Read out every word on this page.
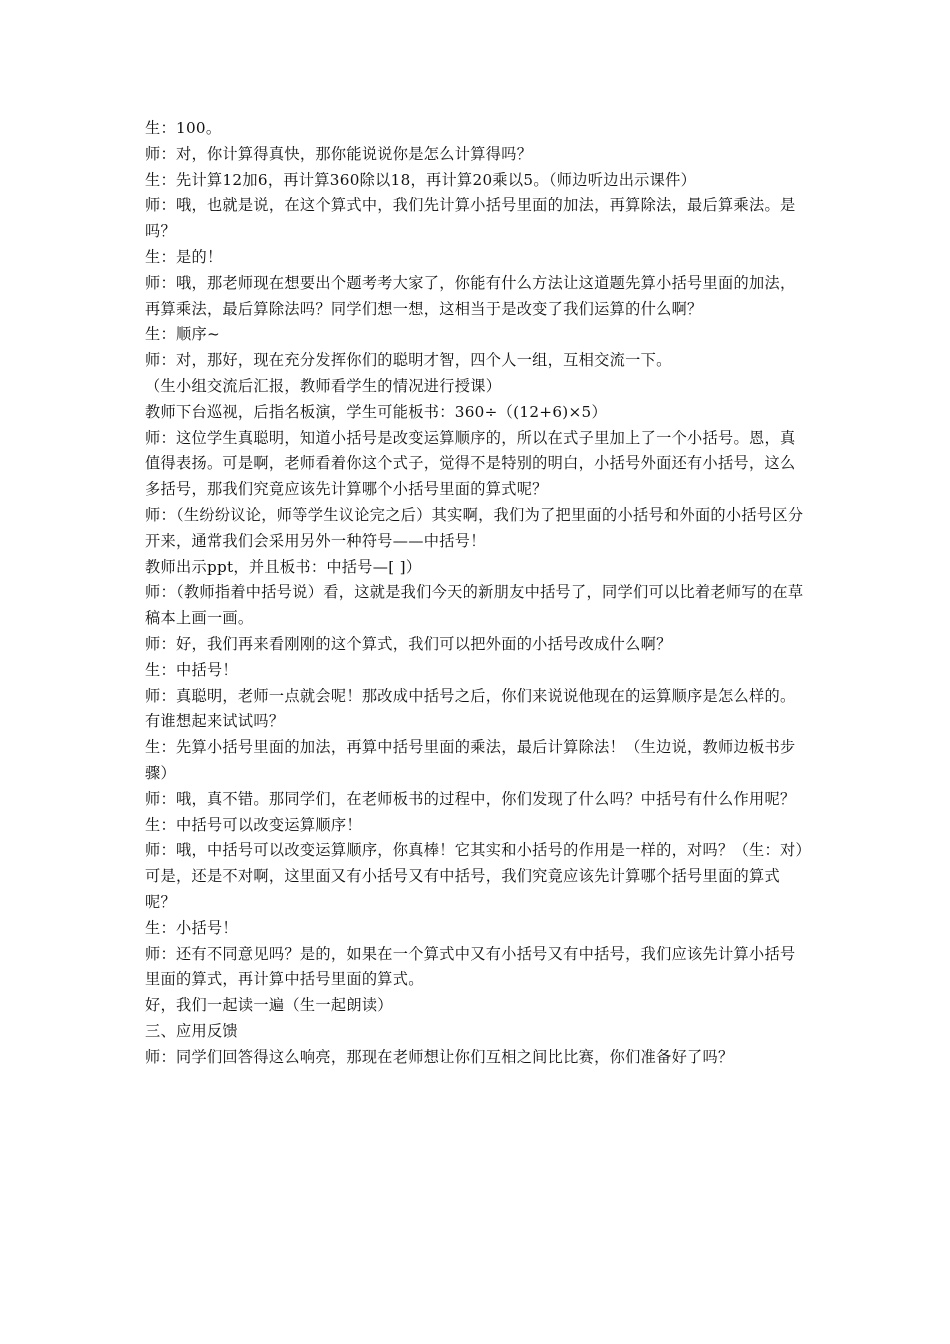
生：100。

师：对，你计算得真快，那你能说说你是怎么计算得吗？

生：先计算12加6，再计算360除以18，再计算20乘以5。（师边听边出示课件）

师：哦，也就是说，在这个算式中，我们先计算小括号里面的加法，再算除法，最后算乘法。是吗？

生：是的！

师：哦，那老师现在想要出个题考考大家了，你能有什么方法让这道题先算小括号里面的加法，再算乘法，最后算除法吗？同学们想一想，这相当于是改变了我们运算的什么啊？

生：顺序~

师：对，那好，现在充分发挥你们的聪明才智，四个人一组，互相交流一下。

（生小组交流后汇报，教师看学生的情况进行授课）

教师下台巡视，后指名板演，学生可能板书：360÷（(12+6)×5）

师：这位学生真聪明，知道小括号是改变运算顺序的，所以在式子里加上了一个小括号。恩，真值得表扬。可是啊，老师看着你这个式子，觉得不是特别的明白，小括号外面还有小括号，这么多括号，那我们究竟应该先计算哪个小括号里面的算式呢？

师：（生纷纷议论，师等学生议论完之后）其实啊，我们为了把里面的小括号和外面的小括号区分开来，通常我们会采用另外一种符号——中括号！

教师出示ppt，并且板书：中括号—[ ]）

师：（教师指着中括号说）看，这就是我们今天的新朋友中括号了，同学们可以比着老师写的在草稿本上画一画。

师：好，我们再来看刚刚的这个算式，我们可以把外面的小括号改成什么啊？

生：中括号！

师：真聪明，老师一点就会呢！那改成中括号之后，你们来说说他现在的运算顺序是怎么样的。有谁想起来试试吗？

生：先算小括号里面的加法，再算中括号里面的乘法，最后计算除法！（生边说，教师边板书步骤）

师：哦，真不错。那同学们，在老师板书的过程中，你们发现了什么吗？中括号有什么作用呢？

生：中括号可以改变运算顺序！

师：哦，中括号可以改变运算顺序，你真棒！它其实和小括号的作用是一样的，对吗？（生：对）可是，还是不对啊，这里面又有小括号又有中括号，我们究竟应该先计算哪个括号里面的算式呢？

生：小括号！

师：还有不同意见吗？是的，如果在一个算式中又有小括号又有中括号，我们应该先计算小括号里面的算式，再计算中括号里面的算式。

好，我们一起读一遍（生一起朗读）

三、应用反馈

师：同学们回答得这么响亮，那现在老师想让你们互相之间比比赛，你们准备好了吗？
